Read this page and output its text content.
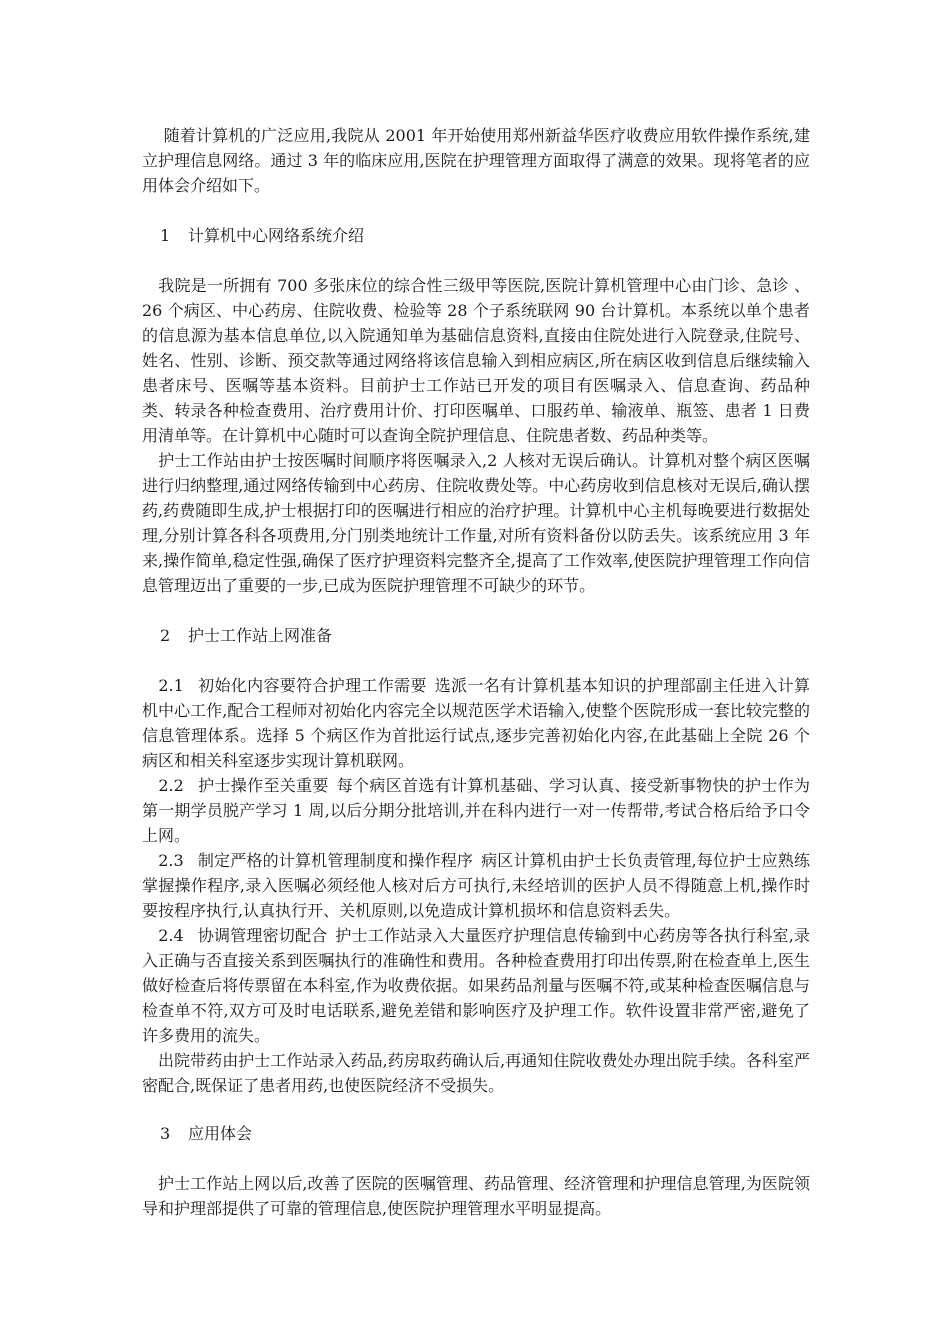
　 随着计算机的广泛应用,我院从 2001 年开始使用郑州新益华医疗收费应用软件操作系统,建立护理信息网络。通过 3 年的临床应用,医院在护理管理方面取得了满意的效果。现将笔者的应用体会介绍如下。

1 计算机中心网络系统介绍

　我院是一所拥有 700 多张床位的综合性三级甲等医院,医院计算机管理中心由门诊、急诊 、26 个病区、中心药房、住院收费、检验等 28 个子系统联网 90 台计算机。本系统以单个患者的信息源为基本信息单位,以入院通知单为基础信息资料,直接由住院处进行入院登录,住院号、姓名、性别、诊断、预交款等通过网络将该信息输入到相应病区,所在病区收到信息后继续输入患者床号、医嘱等基本资料。目前护士工作站已开发的项目有医嘱录入、信息查询、药品种类、转录各种检查费用、治疗费用计价、打印医嘱单、口服药单、输液单、瓶签、患者 1 日费用清单等。在计算机中心随时可以查询全院护理信息、住院患者数、药品种类等。

　护士工作站由护士按医嘱时间顺序将医嘱录入,2 人核对无误后确认。计算机对整个病区医嘱进行归纳整理,通过网络传输到中心药房、住院收费处等。中心药房收到信息核对无误后,确认摆药,药费随即生成,护士根据打印的医嘱进行相应的治疗护理。计算机中心主机每晚要进行数据处理,分别计算各科各项费用,分门别类地统计工作量,对所有资料备份以防丢失。该系统应用 3 年来,操作简单,稳定性强,确保了医疗护理资料完整齐全,提高了工作效率,使医院护理管理工作向信息管理迈出了重要的一步,已成为医院护理管理不可缺少的环节。

2 护士工作站上网准备

　2.1 初始化内容要符合护理工作需要 选派一名有计算机基本知识的护理部副主任进入计算机中心工作,配合工程师对初始化内容完全以规范医学术语输入,使整个医院形成一套比较完整的信息管理体系。选择 5 个病区作为首批运行试点,逐步完善初始化内容,在此基础上全院 26 个病区和相关科室逐步实现计算机联网。

　2.2 护士操作至关重要 每个病区首选有计算机基础、学习认真、接受新事物快的护士作为第一期学员脱产学习 1 周,以后分期分批培训,并在科内进行一对一传帮带,考试合格后给予口令上网。

　2.3 制定严格的计算机管理制度和操作程序 病区计算机由护士长负责管理,每位护士应熟练掌握操作程序,录入医嘱必须经他人核对后方可执行,未经培训的医护人员不得随意上机,操作时要按程序执行,认真执行开、关机原则,以免造成计算机损坏和信息资料丢失。

　2.4 协调管理密切配合 护士工作站录入大量医疗护理信息传输到中心药房等各执行科室,录入正确与否直接关系到医嘱执行的准确性和费用。各种检查费用打印出传票,附在检查单上,医生做好检查后将传票留在本科室,作为收费依据。如果药品剂量与医嘱不符,或某种检查医嘱信息与检查单不符,双方可及时电话联系,避免差错和影响医疗及护理工作。软件设置非常严密,避免了许多费用的流失。

　出院带药由护士工作站录入药品,药房取药确认后,再通知住院收费处办理出院手续。各科室严密配合,既保证了患者用药,也使医院经济不受损失。

3 应用体会

　护士工作站上网以后,改善了医院的医嘱管理、药品管理、经济管理和护理信息管理,为医院领导和护理部提供了可靠的管理信息,使医院护理管理水平明显提高。
